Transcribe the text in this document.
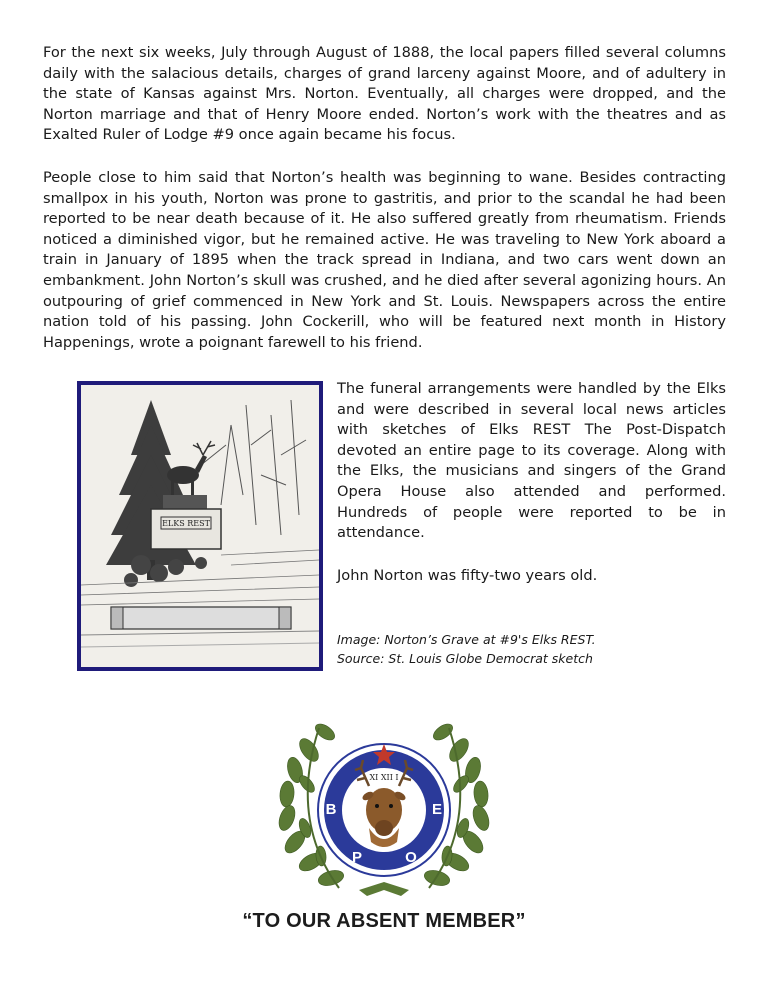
For the next six weeks, July through August of 1888, the local papers filled several columns daily with the salacious details, charges of grand larceny against Moore, and of adultery in the state of Kansas against Mrs. Norton. Eventually, all charges were dropped, and the Norton marriage and that of Henry Moore ended. Norton’s work with the theatres and as Exalted Ruler of Lodge #9 once again became his focus.

People close to him said that Norton’s health was beginning to wane. Besides contracting smallpox in his youth, Norton was prone to gastritis, and prior to the scandal he had been reported to be near death because of it. He also suffered greatly from rheumatism. Friends noticed a diminished vigor, but he remained active. He was traveling to New York aboard a train in January of 1895 when the track spread in Indiana, and two cars went down an embankment. John Norton’s skull was crushed, and he died after several agonizing hours. An outpouring of grief commenced in New York and St. Louis. Newspapers across the entire nation told of his passing. John Cockerill, who will be featured next month in History Happenings, wrote a poignant farewell to his friend.

ELKS REST

The funeral arrangements were handled by the Elks and were described in several local news articles with sketches of Elks REST The Post-Dispatch devoted an entire page to its coverage. Along with the Elks, the musicians and singers of the Grand Opera House also attended and performed. Hundreds of people were reported to be in attendance.

John Norton was fifty-two years old.

Image: Norton’s Grave at #9's Elks REST.

Source: St. Louis Globe Democrat sketch

B
P	O
E
XI XII I
“TO OUR ABSENT MEMBER”
